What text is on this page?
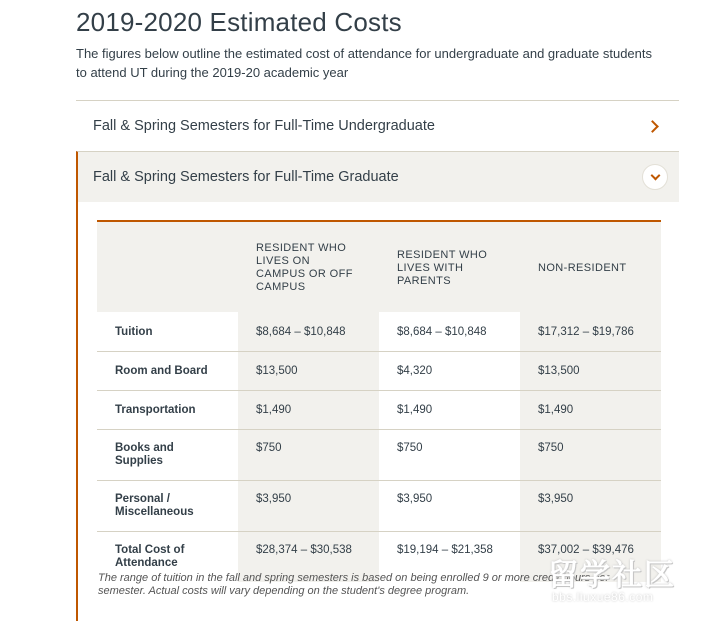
2019-2020 Estimated Costs

The figures below outline the estimated cost of attendance for undergraduate and graduate students to attend UT during the 2019-20 academic year

Fall & Spring Semesters for Full-Time Undergraduate
Fall & Spring Semesters for Full-Time Graduate
	RESIDENT WHO LIVES ON CAMPUS OR OFF CAMPUS	RESIDENT WHO LIVES WITH PARENTS	NON-RESIDENT
Tuition	$8,684 – $10,848	$8,684 – $10,848	$17,312 – $19,786
Room and Board	$13,500	$4,320	$13,500
Transportation	$1,490	$1,490	$1,490
Books and Supplies	$750	$750	$750
Personal / Miscellaneous	$3,950	$3,950	$3,950
Total Cost of Attendance	$28,374 – $30,538	$19,194 – $21,358	$37,002 – $39,476

The range of tuition in the fall and spring semesters is based on being enrolled 9 or more credit hours per semester. Actual costs will vary depending on the student's degree program.	留学社区
bbs.liuxue86.com
